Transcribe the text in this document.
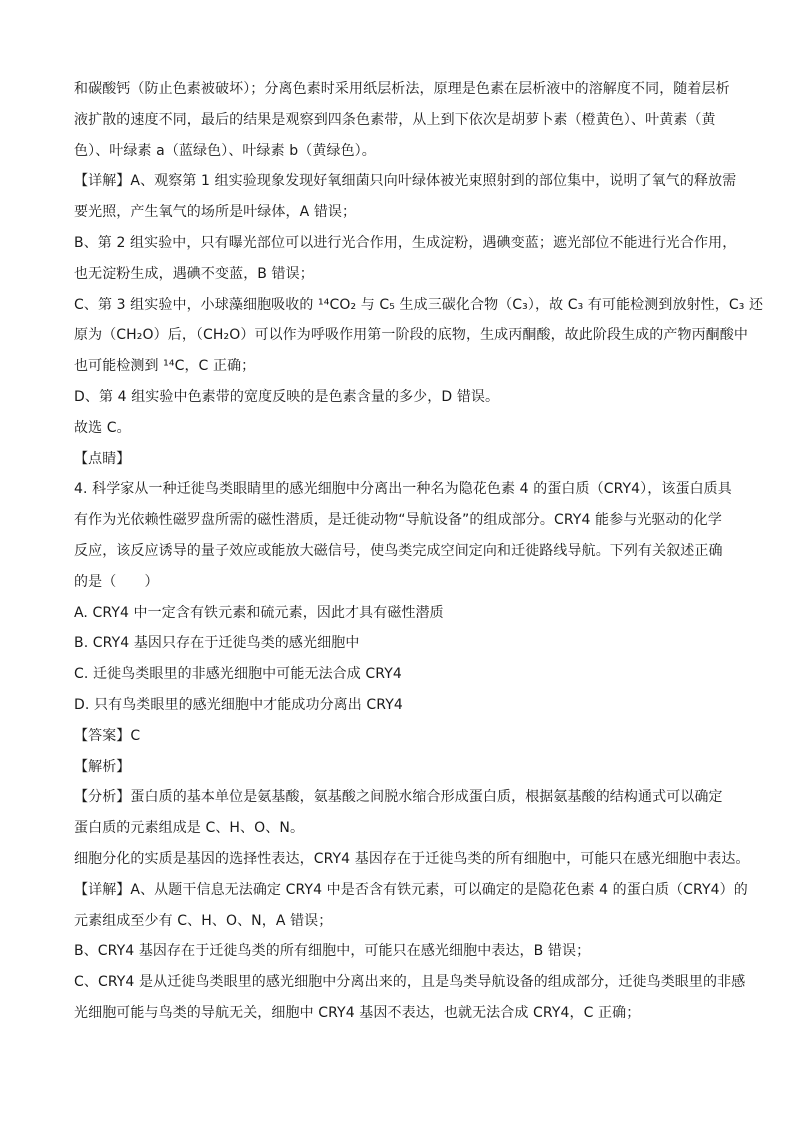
和碳酸钙（防止色素被破坏）；分离色素时采用纸层析法，原理是色素在层析液中的溶解度不同，随着层析
液扩散的速度不同，最后的结果是观察到四条色素带，从上到下依次是胡萝卜素（橙黄色）、叶黄素（黄
色）、叶绿素 a（蓝绿色）、叶绿素 b（黄绿色）。
【详解】A、观察第 1 组实验现象发现好氧细菌只向叶绿体被光束照射到的部位集中，说明了氧气的释放需
要光照，产生氧气的场所是叶绿体，A 错误；
B、第 2 组实验中，只有曝光部位可以进行光合作用，生成淀粉，遇碘变蓝；遮光部位不能进行光合作用，
也无淀粉生成，遇碘不变蓝，B 错误；
C、第 3 组实验中，小球藻细胞吸收的 ¹⁴CO₂ 与 C₅ 生成三碳化合物（C₃），故 C₃ 有可能检测到放射性，C₃ 还
原为（CH₂O）后，（CH₂O）可以作为呼吸作用第一阶段的底物，生成丙酮酸，故此阶段生成的产物丙酮酸中
也可能检测到 ¹⁴C，C 正确；
D、第 4 组实验中色素带的宽度反映的是色素含量的多少，D 错误。
故选 C。
【点睛】
4. 科学家从一种迁徙鸟类眼睛里的感光细胞中分离出一种名为隐花色素 4 的蛋白质（CRY4），该蛋白质具
有作为光依赖性磁罗盘所需的磁性潜质，是迁徙动物“导航设备”的组成部分。CRY4 能参与光驱动的化学
反应，该反应诱导的量子效应或能放大磁信号，使鸟类完成空间定向和迁徙路线导航。下列有关叙述正确
的是（　　）
A. CRY4 中一定含有铁元素和硫元素，因此才具有磁性潜质
B. CRY4 基因只存在于迁徙鸟类的感光细胞中
C. 迁徙鸟类眼里的非感光细胞中可能无法合成 CRY4
D. 只有鸟类眼里的感光细胞中才能成功分离出 CRY4
【答案】C
【解析】
【分析】蛋白质的基本单位是氨基酸，氨基酸之间脱水缩合形成蛋白质，根据氨基酸的结构通式可以确定
蛋白质的元素组成是 C、H、O、N。
细胞分化的实质是基因的选择性表达，CRY4 基因存在于迁徙鸟类的所有细胞中，可能只在感光细胞中表达。
【详解】A、从题干信息无法确定 CRY4 中是否含有铁元素，可以确定的是隐花色素 4 的蛋白质（CRY4）的
元素组成至少有 C、H、O、N，A 错误；
B、CRY4 基因存在于迁徙鸟类的所有细胞中，可能只在感光细胞中表达，B 错误；
C、CRY4 是从迁徙鸟类眼里的感光细胞中分离出来的，且是鸟类导航设备的组成部分，迁徙鸟类眼里的非感
光细胞可能与鸟类的导航无关，细胞中 CRY4 基因不表达，也就无法合成 CRY4，C 正确；
